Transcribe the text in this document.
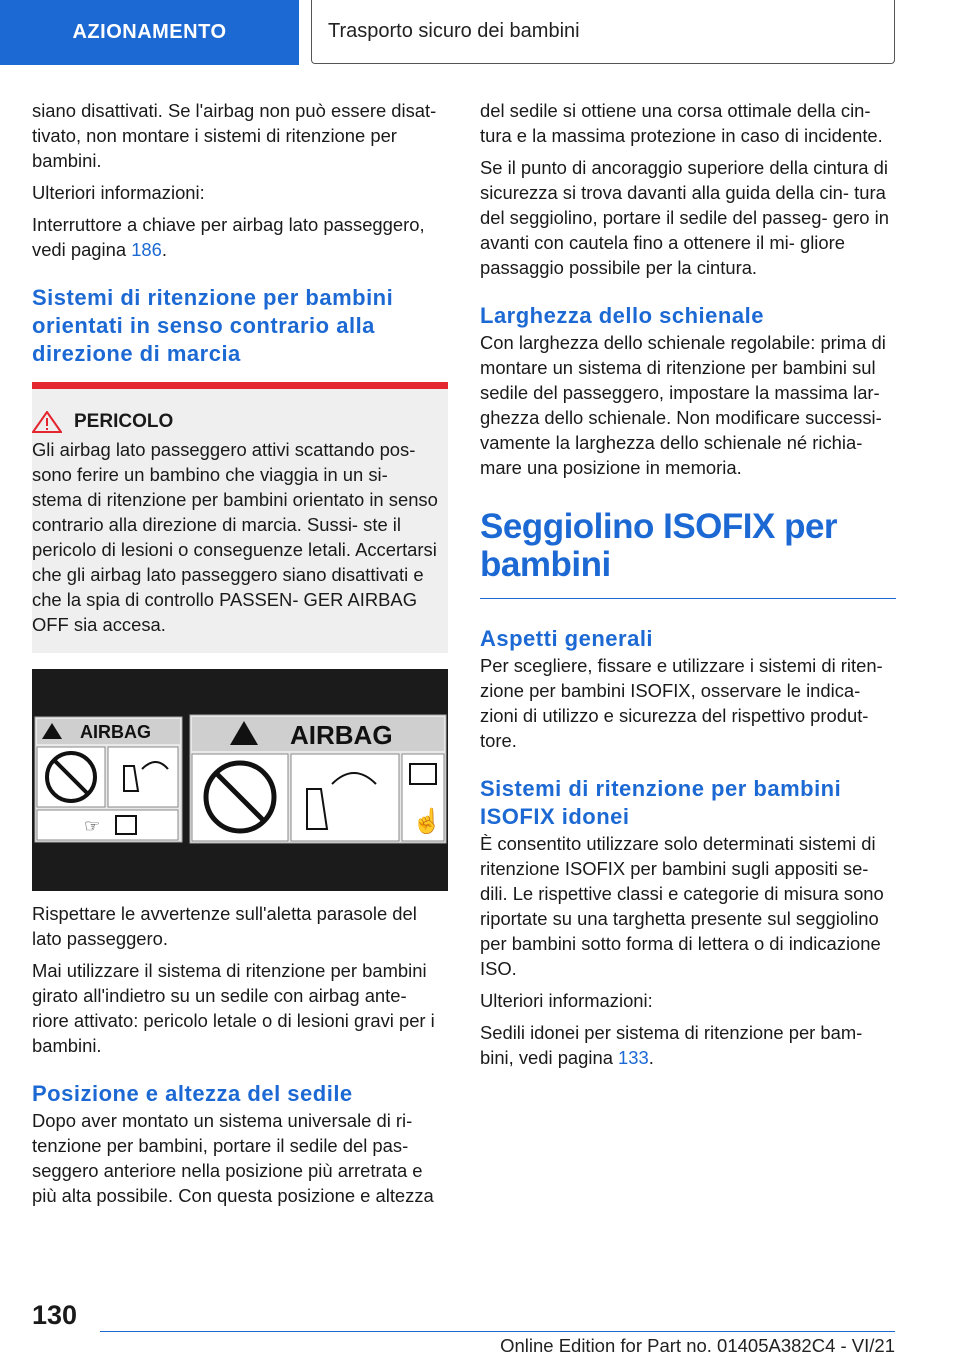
AZIONAMENTO	Trasporto sicuro dei bambini

siano disattivati. Se l'airbag non può essere disat- tivato, non montare i sistemi di ritenzione per bambini.

Ulteriori informazioni:

Interruttore a chiave per airbag lato passeggero, vedi pagina 186.

Sistemi di ritenzione per bambini orientati in senso contrario alla direzione di marcia
PERICOLO

Gli airbag lato passeggero attivi scattando pos- sono ferire un bambino che viaggia in un si- stema di ritenzione per bambini orientato in senso contrario alla direzione di marcia. Sussi- ste il pericolo di lesioni o conseguenze letali. Accertarsi che gli airbag lato passeggero siano disattivati e che la spia di controllo PASSEN- GER AIRBAG OFF sia accesa.

AIRBAG
☞
AIRBAG
☝

Rispettare le avvertenze sull'aletta parasole del lato passeggero.

Mai utilizzare il sistema di ritenzione per bambini girato all'indietro su un sedile con airbag ante- riore attivato: pericolo letale o di lesioni gravi per i bambini.

Posizione e altezza del sedile

Dopo aver montato un sistema universale di ri- tenzione per bambini, portare il sedile del pas- seggero anteriore nella posizione più arretrata e più alta possibile. Con questa posizione e altezza

del sedile si ottiene una corsa ottimale della cin- tura e la massima protezione in caso di incidente.

Se il punto di ancoraggio superiore della cintura di sicurezza si trova davanti alla guida della cin- tura del seggiolino, portare il sedile del passeg- gero in avanti con cautela fino a ottenere il mi- gliore passaggio possibile per la cintura.

Larghezza dello schienale

Con larghezza dello schienale regolabile: prima di montare un sistema di ritenzione per bambini sul sedile del passeggero, impostare la massima lar- ghezza dello schienale. Non modificare successi- vamente la larghezza dello schienale né richia- mare una posizione in memoria.

Seggiolino ISOFIX per bambini
Aspetti generali

Per scegliere, fissare e utilizzare i sistemi di riten- zione per bambini ISOFIX, osservare le indica- zioni di utilizzo e sicurezza del rispettivo produt- tore.

Sistemi di ritenzione per bambini ISOFIX idonei

È consentito utilizzare solo determinati sistemi di ritenzione ISOFIX per bambini sugli appositi se- dili. Le rispettive classi e categorie di misura sono riportate su una targhetta presente sul seggiolino per bambini sotto forma di lettera o di indicazione ISO.

Ulteriori informazioni:

Sedili idonei per sistema di ritenzione per bam- bini, vedi pagina 133.

130
Online Edition for Part no. 01405A382C4 - VI/21
